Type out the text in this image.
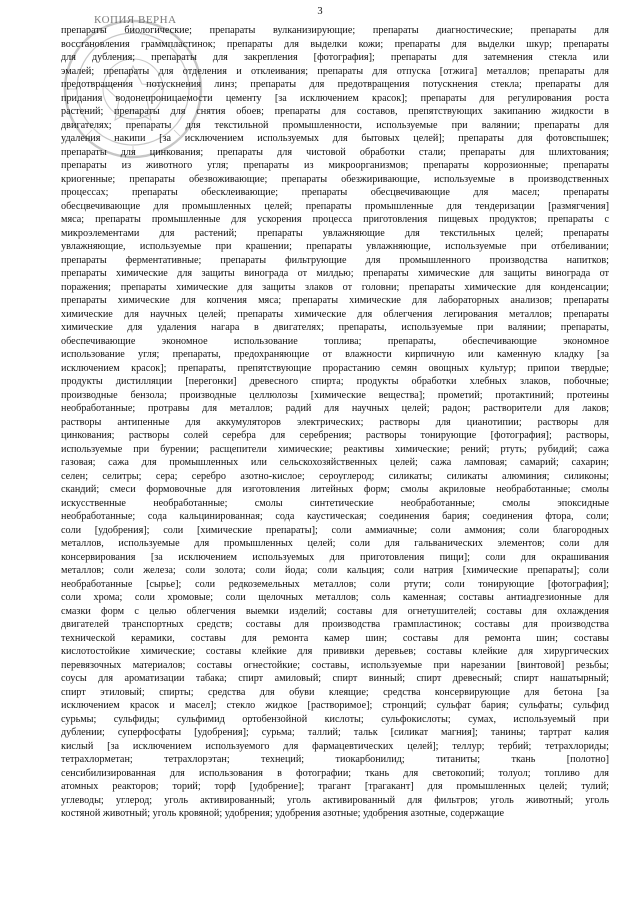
3
КОПИЯ ВЕРНА
препараты биологические; препараты вулканизирующие; препараты диагностические; препараты для
восстановления граммпластинок; препараты для выделки кожи; препараты для выделки шкур; препараты
для дубления; препараты для закрепления [фотография]; препараты для затемнения стекла или
эмалей; препараты для отделения и отклеивания; препараты для отпуска [отжига] металлов; препараты для
предотвращения потускнения линз; препараты для предотвращения потускнения стекла; препараты для
придания водонепроницаемости цементу [за исключением красок]; препараты для регулирования роста
растений; препараты для снятия обоев; препараты для составов, препятствующих закипанию жидкости в
двигателях; препараты для текстильной промышленности, используемые при валянии; препараты для
удаления накипи [за исключением используемых для бытовых целей]; препараты для фотовспышек;
препараты для цинкования; препараты для чистовой обработки стали; препараты для шлихтования;
препараты из животного угля; препараты из микроорганизмов; препараты коррозионные; препараты
криогенные; препараты обезвоживающие; препараты обезжиривающие, используемые в производственных
процессах; препараты обесклеивающие; препараты обесцвечивающие для масел; препараты
обесцвечивающие для промышленных целей; препараты промышленные для тендеризации [размягчения]
мяса; препараты промышленные для ускорения процесса приготовления пищевых продуктов; препараты с
микроэлементами для растений; препараты увлажняющие для текстильных целей; препараты
увлажняющие, используемые при крашении; препараты увлажняющие, используемые при отбеливании;
препараты ферментативные; препараты фильтрующие для промышленного производства напитков;
препараты химические для защиты винограда от милдью; препараты химические для защиты винограда от
поражения; препараты химические для защиты злаков от головни; препараты химические для конденсации;
препараты химические для копчения мяса; препараты химические для лабораторных анализов; препараты
химические для научных целей; препараты химические для облегчения легирования металлов; препараты
химические для удаления нагара в двигателях; препараты, используемые при валянии; препараты,
обеспечивающие экономное использование топлива; препараты, обеспечивающие экономное
использование угля; препараты, предохраняющие от влажности кирпичную или каменную кладку [за
исключением красок]; препараты, препятствующие прорастанию семян овощных культур; припои твердые;
продукты дистилляции [перегонки] древесного спирта; продукты обработки хлебных злаков, побочные;
производные бензола; производные целлюлозы [химические вещества]; прометий; протактиний; протеины
необработанные; протравы для металлов; радий для научных целей; радон; растворители для лаков;
растворы антипенные для аккумуляторов электрических; растворы для цианотипии; растворы для
цинкования; растворы солей серебра для серебрения; растворы тонирующие [фотография]; растворы,
используемые при бурении; расщепители химические; реактивы химические; рений; ртуть; рубидий; сажа
газовая; сажа для промышленных или сельскохозяйственных целей; сажа ламповая; самарий; сахарин;
селен; селитры; сера; серебро азотно-кислое; сероуглерод; силикаты; силикаты алюминия; силиконы;
скандий; смеси формовочные для изготовления литейных форм; смолы акриловые необработанные; смолы
искусственные необработанные; смолы синтетические необработанные; смолы эпоксидные
необработанные; сода кальцинированная; сода каустическая; соединения бария; соединения фтора, соли;
соли [удобрения]; соли [химические препараты]; соли аммиачные; соли аммония; соли благородных
металлов, используемые для промышленных целей; соли для гальванических элементов; соли для
консервирования [за исключением используемых для приготовления пищи]; соли для окрашивания
металлов; соли железа; соли золота; соли йода; соли кальция; соли натрия [химические препараты]; соли
необработанные [сырье]; соли редкоземельных металлов; соли ртути; соли тонирующие [фотография];
соли хрома; соли хромовые; соли щелочных металлов; соль каменная; составы антиадгезионные для
смазки форм с целью облегчения выемки изделий; составы для огнетушителей; составы для охлаждения
двигателей транспортных средств; составы для производства грампластинок; составы для производства
технической керамики, составы для ремонта камер шин; составы для ремонта шин; составы
кислотостойкие химические; составы клейкие для прививки деревьев; составы клейкие для хирургических
перевязочных материалов; составы огнестойкие; составы, используемые при нарезании [винтовой] резьбы;
соусы для ароматизации табака; спирт амиловый; спирт винный; спирт древесный; спирт нашатырный;
спирт этиловый; спирты; средства для обуви клеящие; средства консервирующие для бетона [за
исключением красок и масел]; стекло жидкое [растворимое]; стронций; сульфат бария; сульфаты; сульфид
сурьмы; сульфиды; сульфимид ортобензойной кислоты; сульфокислоты; сумах, используемый при
дублении; суперфосфаты [удобрения]; сурьма; таллий; тальк [силикат магния]; танины; тартрат калия
кислый [за исключением используемого для фармацевтических целей]; теллур; тербий; тетрахлориды;
тетрахлорметан; тетрахлорэтан; технеций; тиокарбонилид; титаниты; ткань [полотно]
сенсибилизированная для использования в фотографии; ткань для светокопий; толуол; топливо для
атомных реакторов; торий; торф [удобрение]; трагант [трагакант] для промышленных целей; тулий;
углеводы; углерод; уголь активированный; уголь активированный для фильтров; уголь животный; уголь
костяной животный; уголь кровяной; удобрения; удобрения азотные; удобрения азотные, содержащие
